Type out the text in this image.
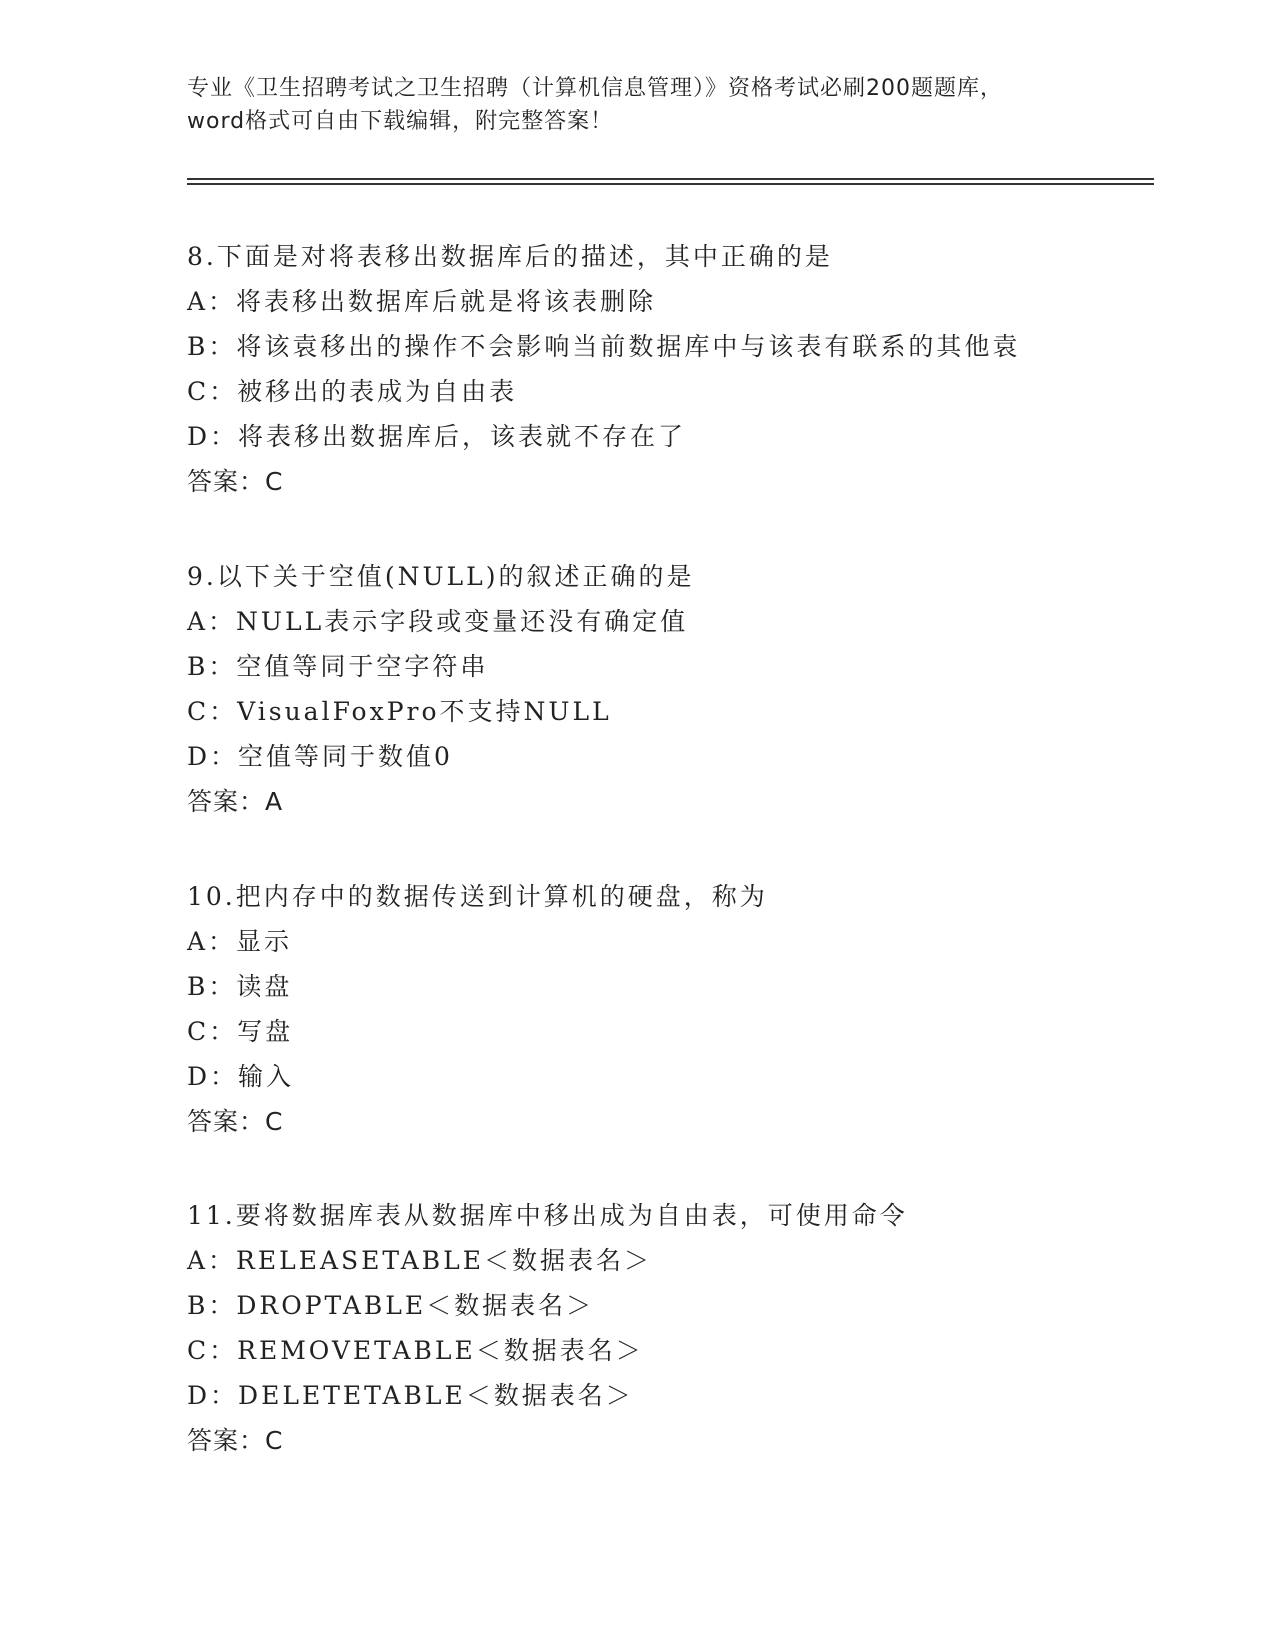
专业《卫生招聘考试之卫生招聘（计算机信息管理）》资格考试必刷200题题库，
word格式可自由下载编辑，附完整答案！
8.下面是对将表移出数据库后的描述，其中正确的是
A：将表移出数据库后就是将该表删除
B：将该袁移出的操作不会影响当前数据库中与该表有联系的其他袁
C：被移出的表成为自由表
D：将表移出数据库后，该表就不存在了
答案：C
9.以下关于空值(NULL)的叙述正确的是
A：NULL表示字段或变量还没有确定值
B：空值等同于空字符串
C：VisualFoxPro不支持NULL
D：空值等同于数值0
答案：A
10.把内存中的数据传送到计算机的硬盘，称为
A：显示
B：读盘
C：写盘
D：输入
答案：C
11.要将数据库表从数据库中移出成为自由表，可使用命令
A：RELEASETABLE＜数据表名＞
B：DROPTABLE＜数据表名＞
C：REMOVETABLE＜数据表名＞
D：DELETETABLE＜数据表名＞
答案：C
